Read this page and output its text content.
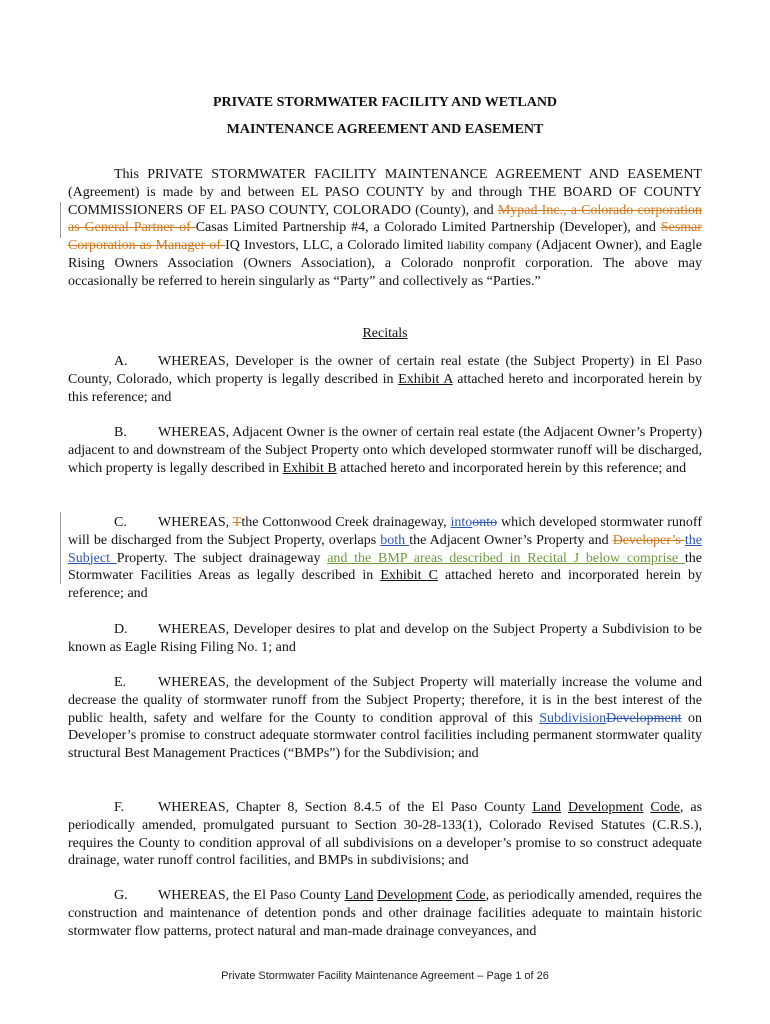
PRIVATE STORMWATER FACILITY AND WETLAND
MAINTENANCE AGREEMENT AND EASEMENT
This PRIVATE STORMWATER FACILITY MAINTENANCE AGREEMENT AND EASEMENT (Agreement) is made by and between EL PASO COUNTY by and through THE BOARD OF COUNTY COMMISSIONERS OF EL PASO COUNTY, COLORADO (County), and Mypad Inc., a Colorado corporation as General Partner of Casas Limited Partnership #4, a Colorado Limited Partnership (Developer), and Sesmar Corporation as Manager of IQ Investors, LLC, a Colorado limited liability company (Adjacent Owner), and Eagle Rising Owners Association (Owners Association), a Colorado nonprofit corporation. The above may occasionally be referred to herein singularly as “Party” and collectively as “Parties.”
Recitals
A. WHEREAS, Developer is the owner of certain real estate (the Subject Property) in El Paso County, Colorado, which property is legally described in Exhibit A attached hereto and incorporated herein by this reference; and
B. WHEREAS, Adjacent Owner is the owner of certain real estate (the Adjacent Owner’s Property) adjacent to and downstream of the Subject Property onto which developed stormwater runoff will be discharged, which property is legally described in Exhibit B attached hereto and incorporated herein by this reference; and
C. WHEREAS, Tthe Cottonwood Creek drainageway, intoonto which developed stormwater runoff will be discharged from the Subject Property, overlaps both the Adjacent Owner’s Property and Developer’s the Subject Property. The subject drainageway and the BMP areas described in Recital J below comprise the Stormwater Facilities Areas as legally described in Exhibit C attached hereto and incorporated herein by reference; and
D. WHEREAS, Developer desires to plat and develop on the Subject Property a Subdivision to be known as Eagle Rising Filing No. 1; and
E. WHEREAS, the development of the Subject Property will materially increase the volume and decrease the quality of stormwater runoff from the Subject Property; therefore, it is in the best interest of the public health, safety and welfare for the County to condition approval of this SubdivisionDevelopment on Developer’s promise to construct adequate stormwater control facilities including permanent stormwater quality structural Best Management Practices (“BMPs”) for the Subdivision; and
F. WHEREAS, Chapter 8, Section 8.4.5 of the El Paso County Land Development Code, as periodically amended, promulgated pursuant to Section 30-28-133(1), Colorado Revised Statutes (C.R.S.), requires the County to condition approval of all subdivisions on a developer’s promise to so construct adequate drainage, water runoff control facilities, and BMPs in subdivisions; and
G. WHEREAS, the El Paso County Land Development Code, as periodically amended, requires the construction and maintenance of detention ponds and other drainage facilities adequate to maintain historic stormwater flow patterns, protect natural and man-made drainage conveyances, and
Private Stormwater Facility Maintenance Agreement – Page 1 of 26
